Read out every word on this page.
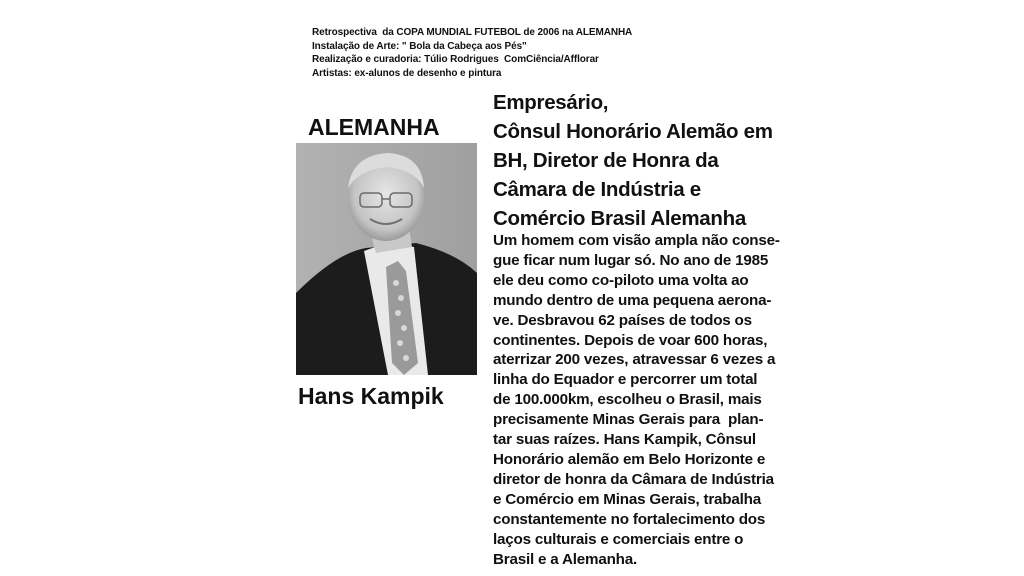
Retrospectiva  da COPA MUNDIAL FUTEBOL de 2006 na ALEMANHA
Instalação de Arte: " Bola da Cabeça aos Pés"
Realização e curadoria: Túlio Rodrigues  ComCiência/Afflorar
Artistas: ex-alunos de desenho e pintura
ALEMANHA
Hans Kampik
Empresário,
Cônsul Honorário Alemão em
BH, Diretor de Honra da
Câmara de Indústria e
Comércio Brasil Alemanha
Um homem com visão ampla não conse-
gue ficar num lugar só. No ano de 1985
ele deu como co-piloto uma volta ao
mundo dentro de uma pequena aerona-
ve. Desbravou 62 países de todos os
continentes. Depois de voar 600 horas,
aterrizar 200 vezes, atravessar 6 vezes a
linha do Equador e percorrer um total
de 100.000km, escolheu o Brasil, mais
precisamente Minas Gerais para  plan-
tar suas raízes. Hans Kampik, Cônsul
Honorário alemão em Belo Horizonte e
diretor de honra da Câmara de Indústria
e Comércio em Minas Gerais, trabalha
constantemente no fortalecimento dos
laços culturais e comerciais entre o
Brasil e a Alemanha.
